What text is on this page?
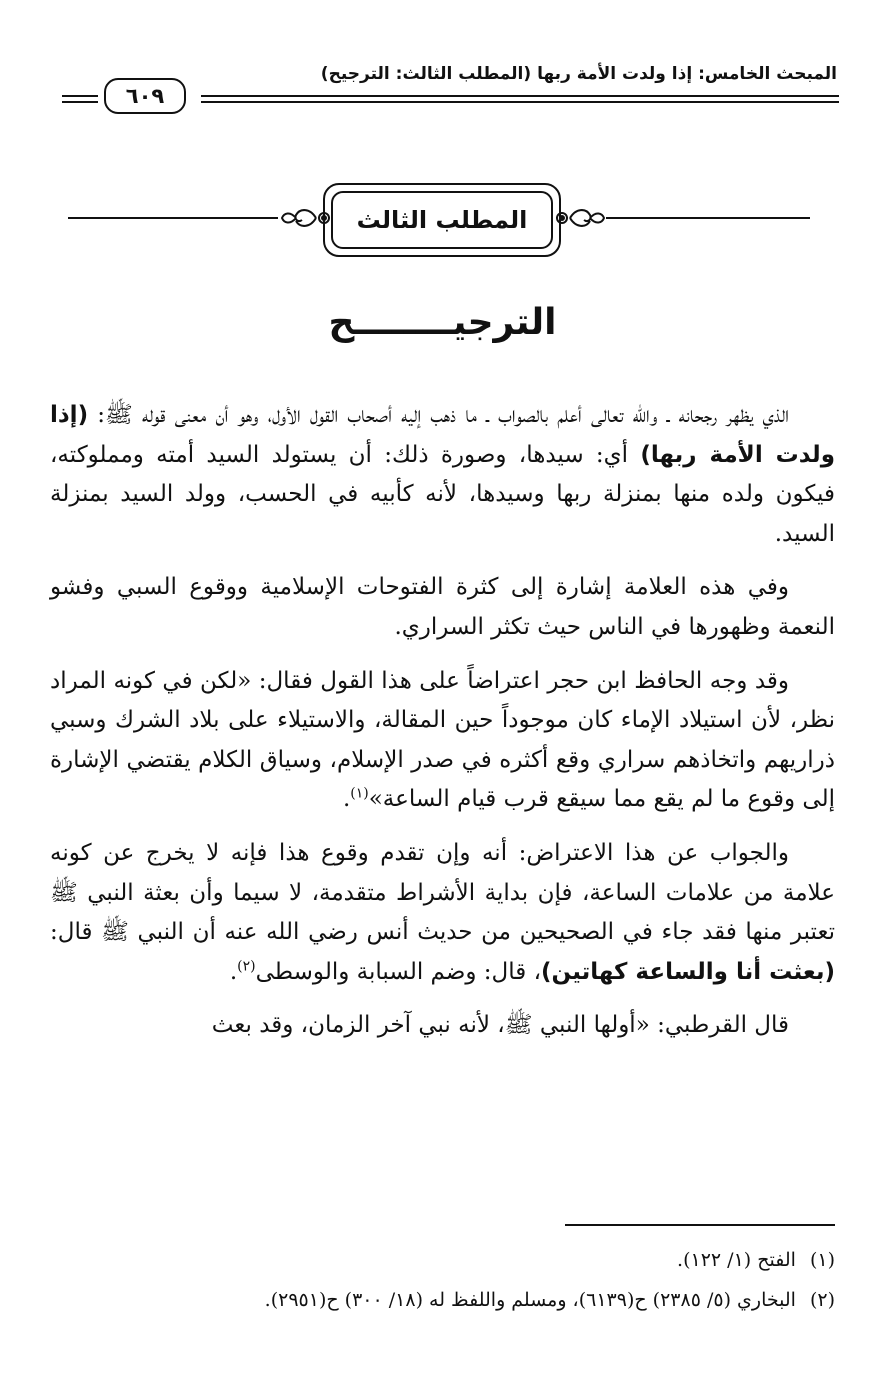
المبحث الخامس: إذا ولدت الأمة ربها (المطلب الثالث: الترجيح)
٦٠٩
المطلب الثالث
الترجيــــــــح

الذي يظهر رجحانه ـ والله تعالى أعلم بالصواب ـ ما ذهب إليه أصحاب القول الأول، وهو أن معنى قوله ﷺ: (إذا ولدت الأمة ربها) أي: سيدها، وصورة ذلك: أن يستولد السيد أمته ومملوكته، فيكون ولده منها بمنزلة ربها وسيدها، لأنه كأبيه في الحسب، وولد السيد بمنزلة السيد.

وفي هذه العلامة إشارة إلى كثرة الفتوحات الإسلامية ووقوع السبي وفشو النعمة وظهورها في الناس حيث تكثر السراري.

وقد وجه الحافظ ابن حجر اعتراضاً على هذا القول فقال: «لكن في كونه المراد نظر، لأن استيلاد الإماء كان موجوداً حين المقالة، والاستيلاء على بلاد الشرك وسبي ذراريهم واتخاذهم سراري وقع أكثره في صدر الإسلام، وسياق الكلام يقتضي الإشارة إلى وقوع ما لم يقع مما سيقع قرب قيام الساعة»$^{(١)}$.

والجواب عن هذا الاعتراض: أنه وإن تقدم وقوع هذا فإنه لا يخرج عن كونه علامة من علامات الساعة، فإن بداية الأشراط متقدمة، لا سيما وأن بعثة النبي ﷺ تعتبر منها فقد جاء في الصحيحين من حديث أنس رضي الله عنه أن النبي ﷺ قال: (بعثت أنا والساعة كهاتين)، قال: وضم السبابة والوسطى$^{(٢)}$.

قال القرطبي: «أولها النبي ﷺ، لأنه نبي آخر الزمان، وقد بعث

(١)
الفتح (١/ ١٢٢).
(٢)
البخاري (٥/ ٢٣٨٥) ح(٦١٣٩)، ومسلم واللفظ له (١٨/ ٣٠٠) ح(٢٩٥١).
